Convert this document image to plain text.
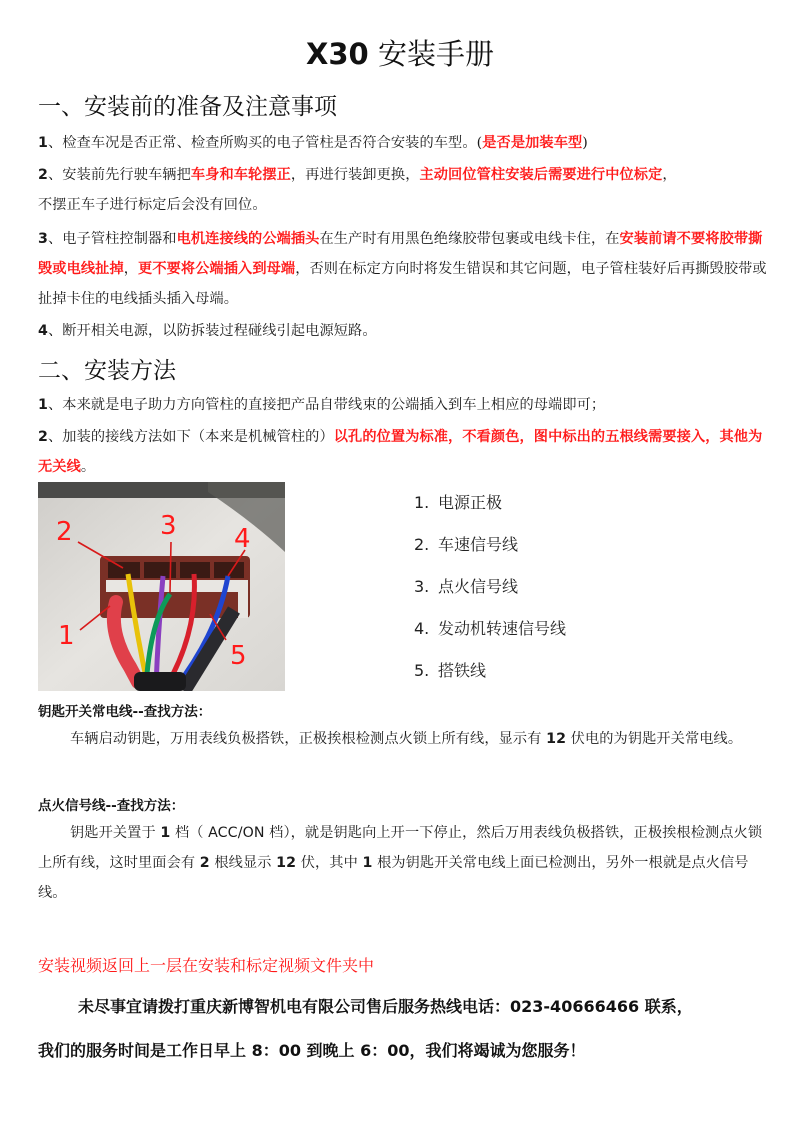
X30 安装手册
一、安装前的准备及注意事项
1、检查车况是否正常、检查所购买的电子管柱是否符合安装的车型。(是否是加装车型)
2、安装前先行驶车辆把车身和车轮摆正，再进行装卸更换，主动回位管柱安装后需要进行中位标定，
不摆正车子进行标定后会没有回位。
3、电子管柱控制器和电机连接线的公端插头在生产时有用黑色绝缘胶带包裹或电线卡住，在安装前请不要将胶带撕毁或电线扯掉，更不要将公端插入到母端，否则在标定方向时将发生错误和其它问题，电子管柱装好后再撕毁胶带或扯掉卡住的电线插头插入母端。
4、断开相关电源，以防拆装过程碰线引起电源短路。
二、安装方法
1、本来就是电子助力方向管柱的直接把产品自带线束的公端插入到车上相应的母端即可；
2、加装的接线方法如下（本来是机械管柱的）以孔的位置为标准，不看颜色，图中标出的五根线需要接入，其他为无关线。
2	3 4
1
5
1. 电源正极
2. 车速信号线
3. 点火信号线
4. 发动机转速信号线
5. 搭铁线
钥匙开关常电线--查找方法：
车辆启动钥匙，万用表线负极搭铁，正极挨根检测点火锁上所有线，显示有 12 伏电的为钥匙开关常电线。
点火信号线--查找方法：
钥匙开关置于 1 档（ ACC/ON 档），就是钥匙向上开一下停止，然后万用表线负极搭铁，正极挨根检测点火锁上所有线，这时里面会有 2 根线显示 12 伏，其中 1 根为钥匙开关常电线上面已检测出，另外一根就是点火信号线。
安装视频返回上一层在安装和标定视频文件夹中
未尽事宜请拨打重庆新博智机电有限公司售后服务热线电话：023-40666466 联系，
我们的服务时间是工作日早上 8：00 到晚上 6：00，我们将竭诚为您服务！
